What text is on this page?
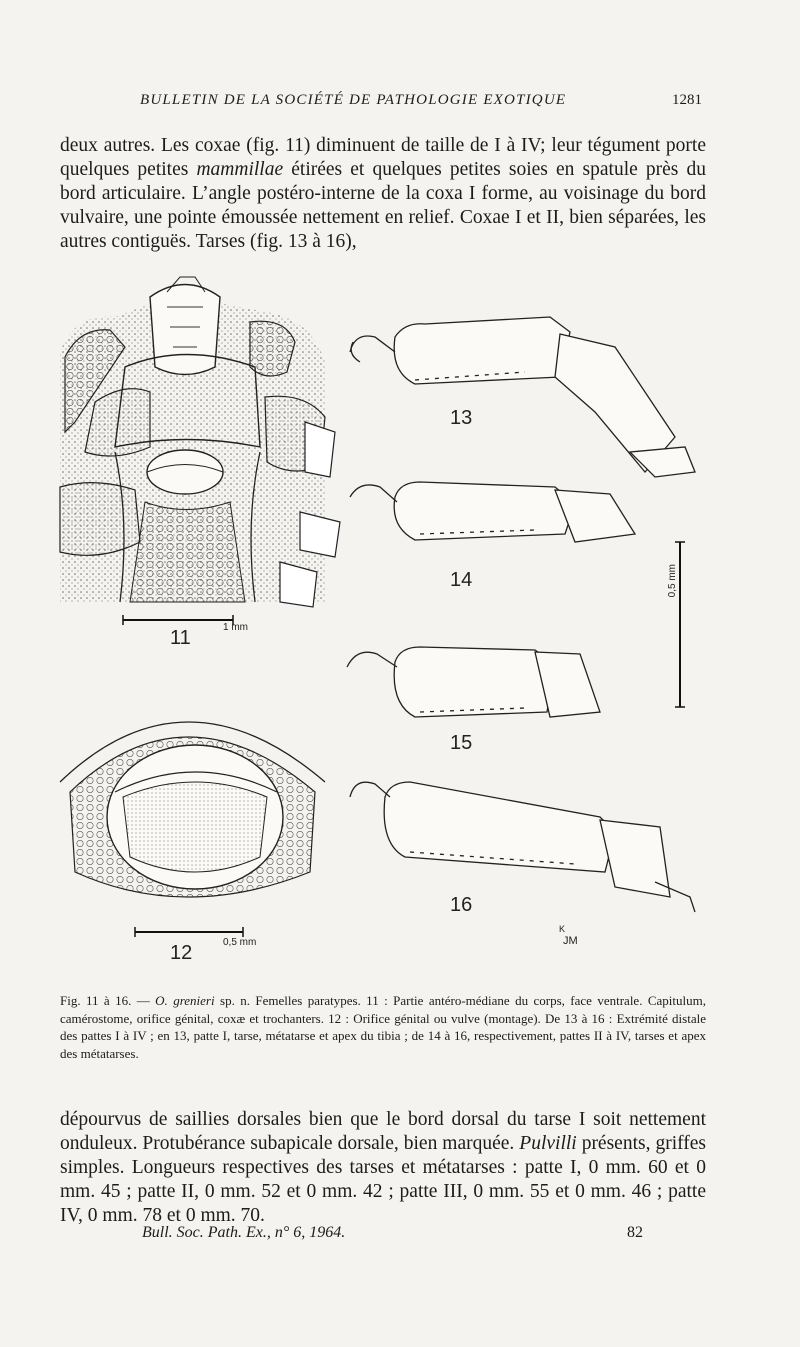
BULLETIN DE LA SOCIÉTÉ DE PATHOLOGIE EXOTIQUE	1281

deux autres. Les coxae (fig. 11) diminuent de taille de I à IV; leur tégument porte quelques petites mammillae étirées et quelques petites soies en spatule près du bord articulaire. L’angle postéro-interne de la coxa I forme, au voisinage du bord vulvaire, une pointe émoussée nettement en relief. Coxae I et II, bien séparées, les autres contiguës. Tarses (fig. 13 à 16),

11	1 mm
12	0,5 mm
13
14
15
16
0,5 mm
K
JM

Fig. 11 à 16. — O. grenieri sp. n. Femelles paratypes. 11 : Partie antéro-médiane du corps, face ventrale. Capitulum, camérostome, orifice génital, coxæ et trochanters. 12 : Orifice génital ou vulve (montage). De 13 à 16 : Extrémité distale des pattes I à IV ; en 13, patte I, tarse, métatarse et apex du tibia ; de 14 à 16, respectivement, pattes II à IV, tarses et apex des métatarses.

dépourvus de saillies dorsales bien que le bord dorsal du tarse I soit nettement onduleux. Protubérance subapicale dorsale, bien marquée. Pulvilli présents, griffes simples. Longueurs respectives des tarses et métatarses : patte I, 0 mm. 60 et 0 mm. 45 ; patte II, 0 mm. 52 et 0 mm. 42 ; patte III, 0 mm. 55 et 0 mm. 46 ; patte IV, 0 mm. 78 et 0 mm. 70.

Bull. Soc. Path. Ex., n° 6, 1964.	82
